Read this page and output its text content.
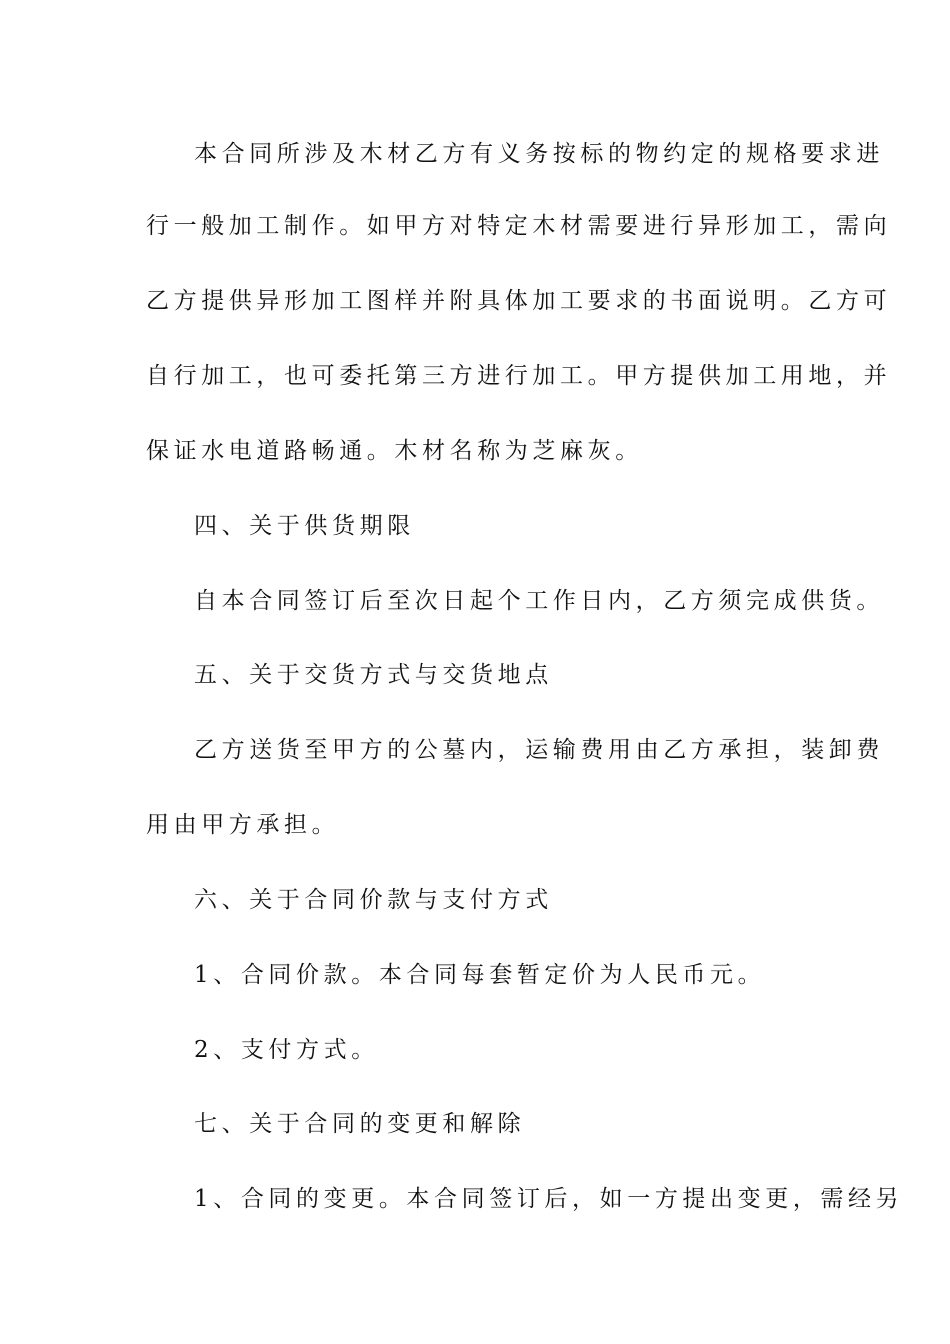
本合同所涉及木材乙方有义务按标的物约定的规格要求进
行一般加工制作。如甲方对特定木材需要进行异形加工，需向
乙方提供异形加工图样并附具体加工要求的书面说明。乙方可
自行加工，也可委托第三方进行加工。甲方提供加工用地，并
保证水电道路畅通。木材名称为芝麻灰。
四、关于供货期限
自本合同签订后至次日起个工作日内，乙方须完成供货。
五、关于交货方式与交货地点
乙方送货至甲方的公墓内，运输费用由乙方承担，装卸费
用由甲方承担。
六、关于合同价款与支付方式
1、合同价款。本合同每套暂定价为人民币元。
2、支付方式。
七、关于合同的变更和解除
1、合同的变更。本合同签订后，如一方提出变更，需经另
